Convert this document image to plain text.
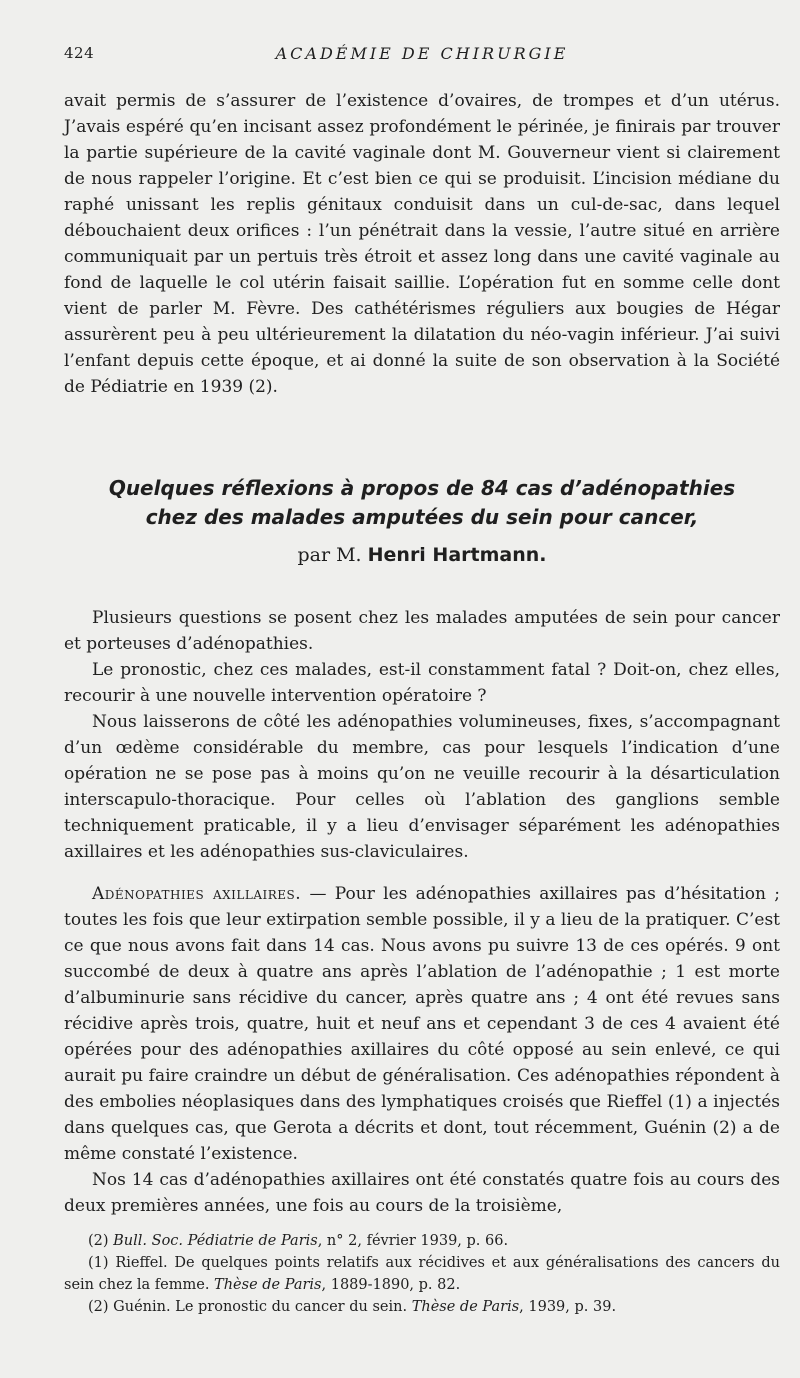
424	ACADÉMIE DE CHIRURGIE

avait permis de s’assurer de l’existence d’ovaires, de trompes et d’un utérus. J’avais espéré qu’en incisant assez profondément le périnée, je finirais par trouver la partie supérieure de la cavité vaginale dont M. Gouverneur vient si clairement de nous rappeler l’origine. Et c’est bien ce qui se produisit. L’incision médiane du raphé unissant les replis génitaux conduisit dans un cul-de-sac, dans lequel débouchaient deux orifices : l’un pénétrait dans la vessie, l’autre situé en arrière communiquait par un pertuis très étroit et assez long dans une cavité vaginale au fond de laquelle le col utérin faisait saillie. L’opération fut en somme celle dont vient de parler M. Fèvre. Des cathétérismes réguliers aux bougies de Hégar assurèrent peu à peu ultérieurement la dilatation du néo-vagin inférieur. J’ai suivi l’enfant depuis cette époque, et ai donné la suite de son observation à la Société de Pédiatrie en 1939 (2).

Quelques réflexions à propos de 84 cas d’adénopathies
chez des malades amputées du sein pour cancer,
par M. Henri Hartmann.

Plusieurs questions se posent chez les malades amputées de sein pour cancer et porteuses d’adénopathies.

Le pronostic, chez ces malades, est-il constamment fatal ? Doit-on, chez elles, recourir à une nouvelle intervention opératoire ?

Nous laisserons de côté les adénopathies volumineuses, fixes, s’accompagnant d’un œdème considérable du membre, cas pour lesquels l’indication d’une opération ne se pose pas à moins qu’on ne veuille recourir à la désarticulation interscapulo-thoracique. Pour celles où l’ablation des ganglions semble techniquement praticable, il y a lieu d’envisager séparément les adénopathies axillaires et les adénopathies sus-claviculaires.

Adénopathies axillaires. — Pour les adénopathies axillaires pas d’hésitation ; toutes les fois que leur extirpation semble possible, il y a lieu de la pratiquer. C’est ce que nous avons fait dans 14 cas. Nous avons pu suivre 13 de ces opérés. 9 ont succombé de deux à quatre ans après l’ablation de l’adénopathie ; 1 est morte d’albuminurie sans récidive du cancer, après quatre ans ; 4 ont été revues sans récidive après trois, quatre, huit et neuf ans et cependant 3 de ces 4 avaient été opérées pour des adénopathies axillaires du côté opposé au sein enlevé, ce qui aurait pu faire craindre un début de généralisation. Ces adénopathies répondent à des embolies néoplasiques dans des lymphatiques croisés que Rieffel (1) a injectés dans quelques cas, que Gerota a décrits et dont, tout récemment, Guénin (2) a de même constaté l’existence.

Nos 14 cas d’adénopathies axillaires ont été constatés quatre fois au cours des deux premières années, une fois au cours de la troisième,

(2) Bull. Soc. Pédiatrie de Paris, n° 2, février 1939, p. 66.

(1) Rieffel. De quelques points relatifs aux récidives et aux généralisations des cancers du sein chez la femme. Thèse de Paris, 1889-1890, p. 82.

(2) Guénin. Le pronostic du cancer du sein. Thèse de Paris, 1939, p. 39.
